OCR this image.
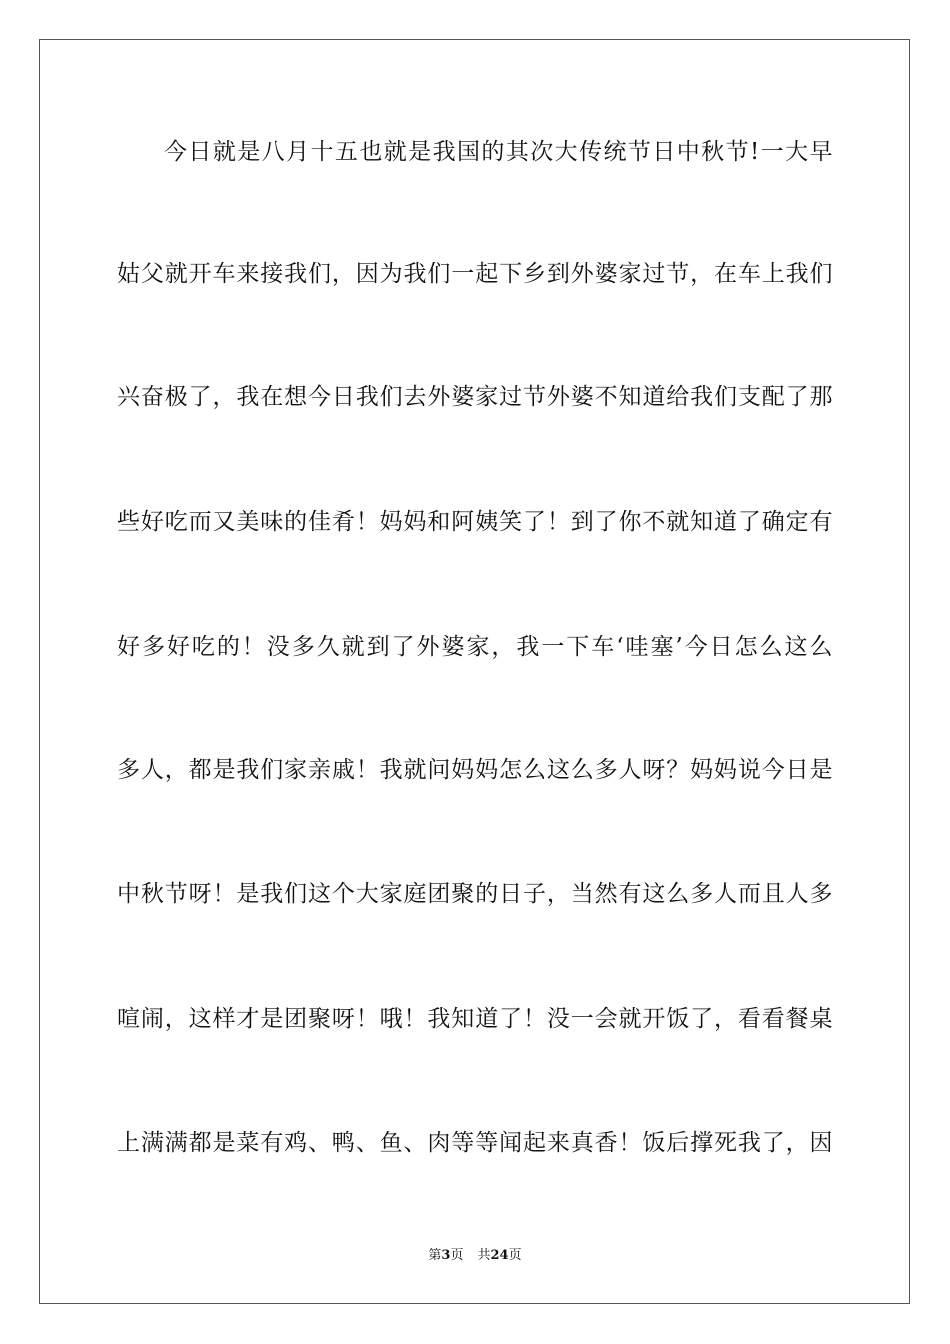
今日就是八月十五也就是我国的其次大传统节日中秋节!一大早
姑父就开车来接我们，因为我们一起下乡到外婆家过节，在车上我们
兴奋极了，我在想今日我们去外婆家过节外婆不知道给我们支配了那
些好吃而又美味的佳肴！妈妈和阿姨笑了！到了你不就知道了确定有
好多好吃的！没多久就到了外婆家，我一下车‘哇塞’今日怎么这么
多人，都是我们家亲戚！我就问妈妈怎么这么多人呀？妈妈说今日是
中秋节呀！是我们这个大家庭团聚的日子，当然有这么多人而且人多
喧闹，这样才是团聚呀！哦！我知道了！没一会就开饭了，看看餐桌
上满满都是菜有鸡、鸭、鱼、肉等等闻起来真香！饭后撑死我了，因
第3页 共24页
